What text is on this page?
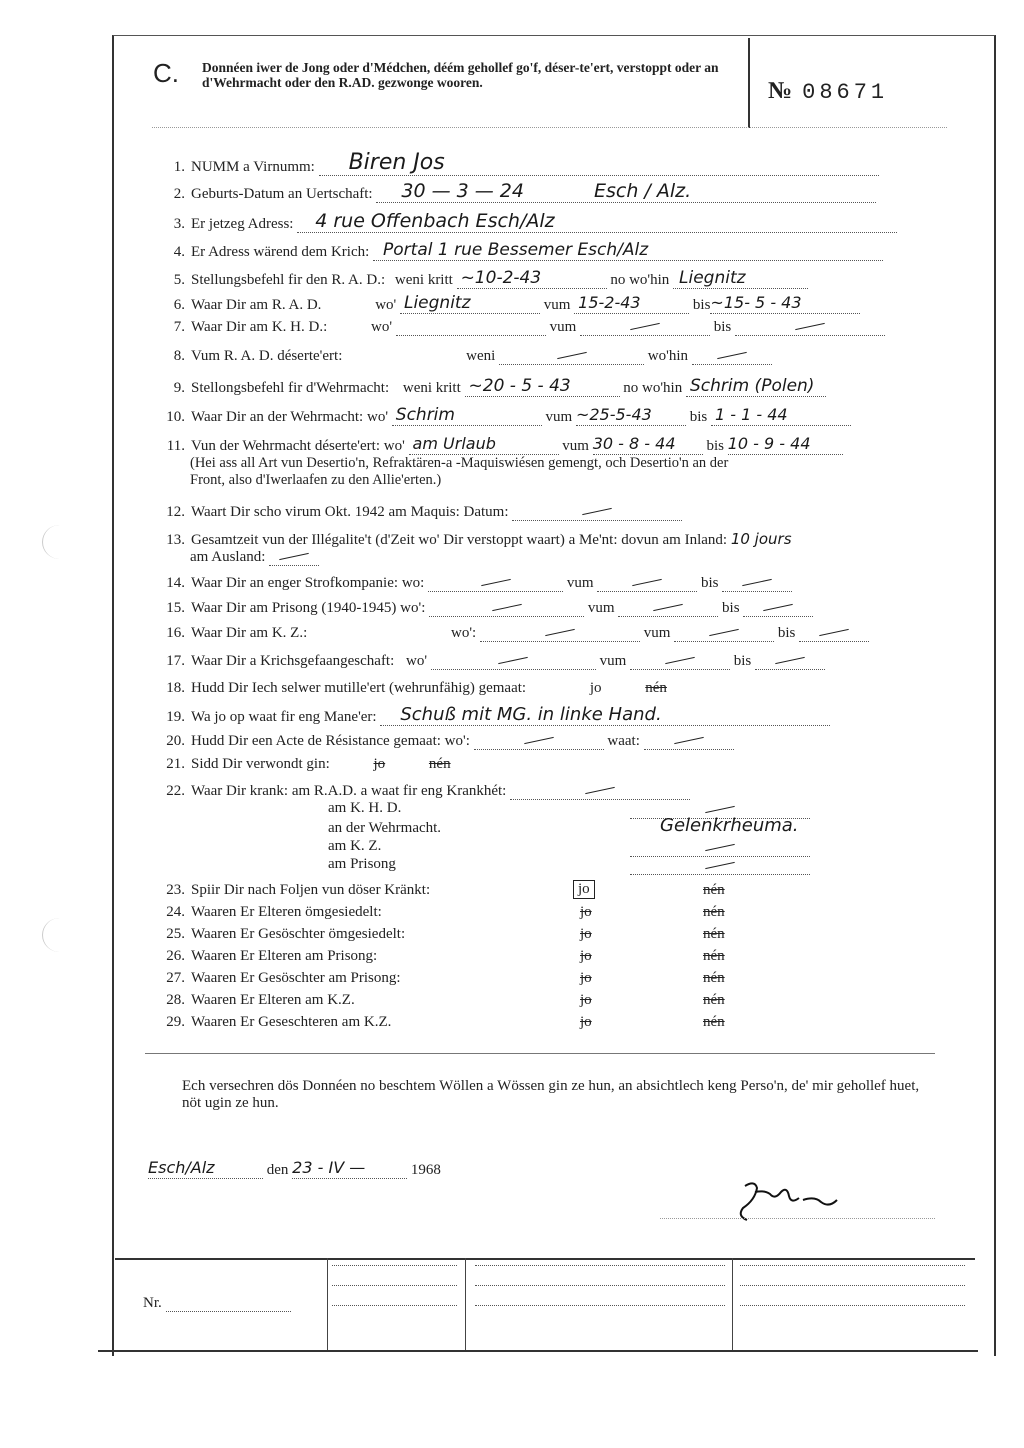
C. Donnéen iwer de Jong oder d'Médchen, déém gehollef go'f, déser-te'ert, verstoppt oder an d'Wehrmacht oder den R.AD. gezwonge wooren.	№ 08671
1. NUMM a Virnumm: Biren Jos
2. Geburts-Datum an Uertschaft: 30 — 3 — 24	Esch / Alz.
3. Er jetzeg Adress: 4 rue Offenbach Esch/Alz
4. Er Adress wärend dem Krich: Portal 1 rue Bessemer Esch/Alz
5. Stellungsbefehl fir den R. A. D.: weni kritt ~10-2-43	no wo'hin Liegnitz
6. Waar Dir am R. A. D.	wo' Liegnitz	vum 15-2-43	bis~15- 5 - 43
7. Waar Dir am K. H. D.:	wo'	vum	bis
8. Vum R. A. D. déserte'ert:	weni	wo'hin
9. Stellongsbefehl fir d'Wehrmacht: weni kritt ~20 - 5 - 43	no wo'hin Schrim (Polen)
10. Waar Dir an der Wehrmacht: wo' Schrim	vum ~25-5-43	bis 1 - 1 - 44
11. Vun der Wehrmacht déserte'ert: wo' am Urlaub	vum 30 - 8 - 44 bis 10 - 9 - 44
(Hei ass all Art vun Desertio'n, Refraktären-a -Maquiswiésen gemengt, och Desertio'n an der
Front, also d'Iwerlaafen zu den Allie'erten.)
12. Waart Dir scho virum Okt. 1942 am Maquis: Datum:
13. Gesamtzeit vun der Illégalite't (d'Zeit wo' Dir verstoppt waart) a Me'nt: dovun am Inland: 10 jours
am Ausland:
14. Waar Dir an enger Strofkompanie: wo:	vum	bis
15. Waar Dir am Prisong (1940-1945) wo':	vum	bis
16. Waar Dir am K. Z.:	wo':	vum	bis
17. Waar Dir a Krichsgefaangeschaft: wo'	vum	bis
18. Hudd Dir Iech selwer mutille'ert (wehrunfähig) gemaat:	jo	nén
19. Wa jo op waat fir eng Mane'er: Schuß mit MG. in linke Hand.
20. Hudd Dir een Acte de Résistance gemaat: wo':	waat:
21. Sidd Dir verwondt gin:	jo	nén
22. Waar Dir krank: am R.A.D. a waat fir eng Krankhét:
am K. H. D.
an der Wehrmacht.	Gelenkrheuma.
am K. Z.
am Prisong
23. Spiir Dir nach Foljen vun döser Kränkt:	jo	nén
24. Waaren Er Elteren ömgesiedelt:	jo	nén
25. Waaren Er Gesöschter ömgesiedelt:	jo	nén
26. Waaren Er Elteren am Prisong:	jo	nén
27. Waaren Er Gesöschter am Prisong:	jo	nén
28. Waaren Er Elteren am K.Z.	jo	nén
29. Waaren Er Geseschteren am K.Z.	jo	nén
Ech versechren dös Donnéen no beschtem Wöllen a Wössen gin ze hun, an absichtlech keng Perso'n, de' mir gehollef huet, nöt ugin ze hun.
Esch/Alz	den 23 - IV —	1968
Nr.
